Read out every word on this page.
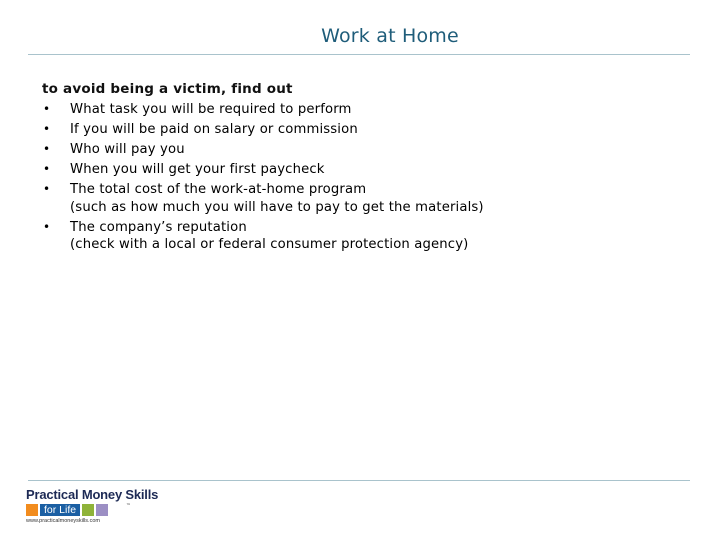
Work at Home
to avoid being a victim, find out
• What task you will be required to perform
• If you will be paid on salary or commission
• Who will pay you
• When you will get your first paycheck
• The total cost of the work-at-home program
(such as how much you will have to pay to get the materials)
• The company’s reputation
(check with a local or federal consumer protection agency)
Practical Money Skills
for Life	™
www.practicalmoneyskills.com
